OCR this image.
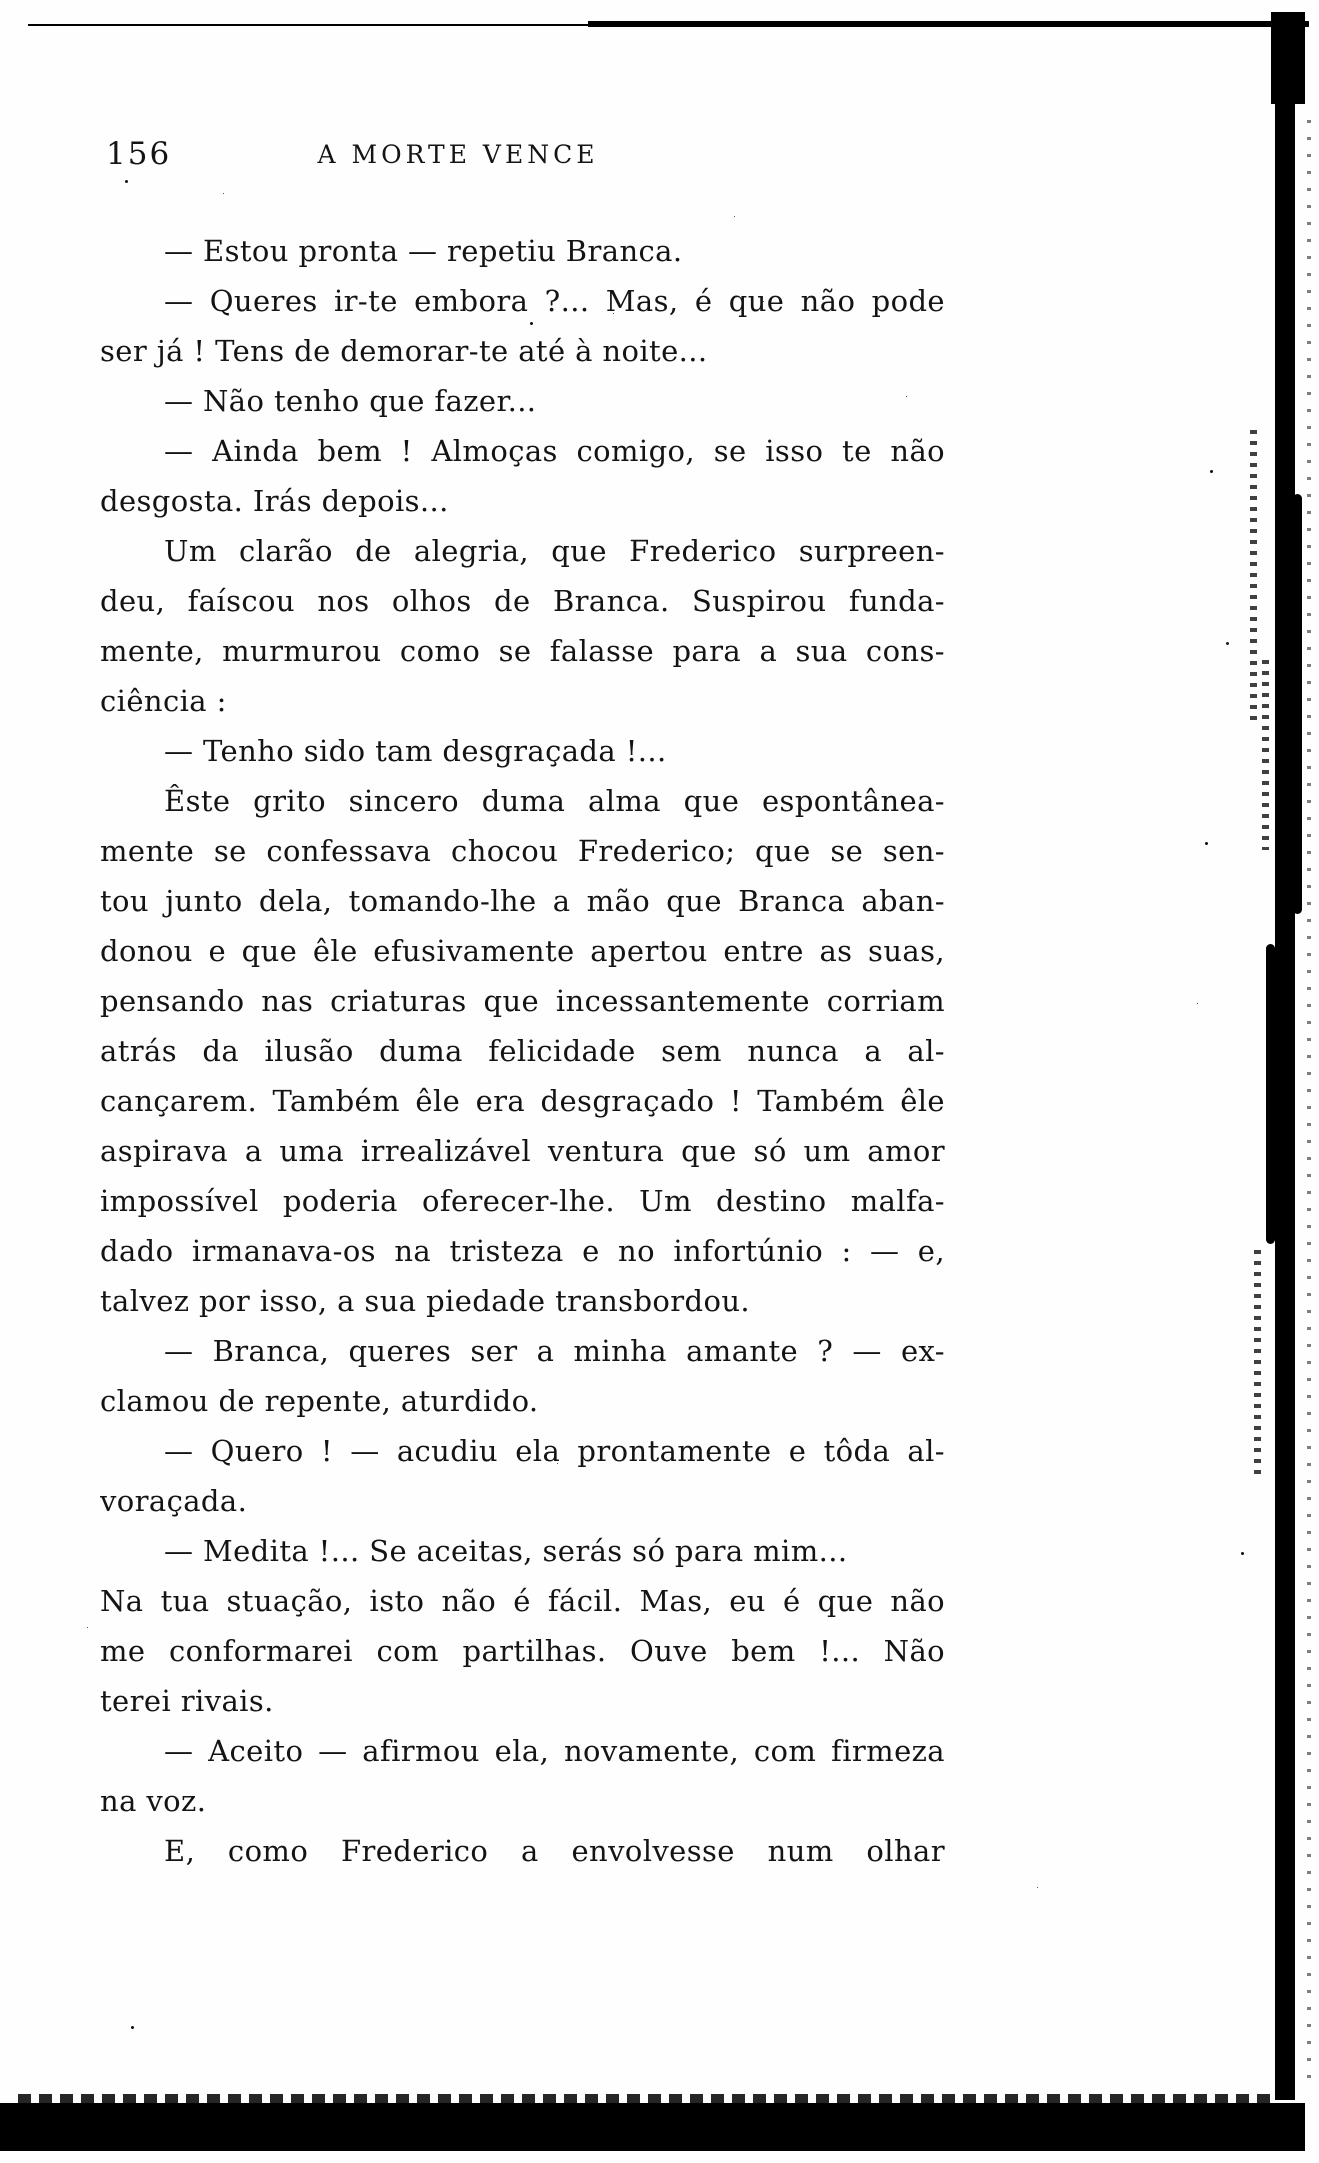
156	A MORTE VENCE
— Estou pronta — repetiu Branca.
— Queres ir-te embora ?... Mas, é que não pode
ser já ! Tens de demorar-te até à noite...
— Não tenho que fazer...
— Ainda bem ! Almoças comigo, se isso te não
desgosta. Irás depois...
Um clarão de alegria, que Frederico surpreen-
deu, faíscou nos olhos de Branca. Suspirou funda-
mente, murmurou como se falasse para a sua cons-
ciência :
— Tenho sido tam desgraçada !...
Êste grito sincero duma alma que espontânea-
mente se confessava chocou Frederico; que se sen-
tou junto dela, tomando-lhe a mão que Branca aban-
donou e que êle efusivamente apertou entre as suas,
pensando nas criaturas que incessantemente corriam
atrás da ilusão duma felicidade sem nunca a al-
cançarem. Também êle era desgraçado ! Também êle
aspirava a uma irrealizável ventura que só um amor
impossível poderia oferecer-lhe. Um destino malfa-
dado irmanava-os na tristeza e no infortúnio : — e,
talvez por isso, a sua piedade transbordou.
— Branca, queres ser a minha amante ? — ex-
clamou de repente, aturdido.
— Quero ! — acudiu ela prontamente e tôda al-
voraçada.
— Medita !... Se aceitas, serás só para mim...
Na tua stuação, isto não é fácil. Mas, eu é que não
me conformarei com partilhas. Ouve bem !... Não
terei rivais.
— Aceito — afirmou ela, novamente, com firmeza
na voz.
E, como Frederico a envolvesse num olhar
